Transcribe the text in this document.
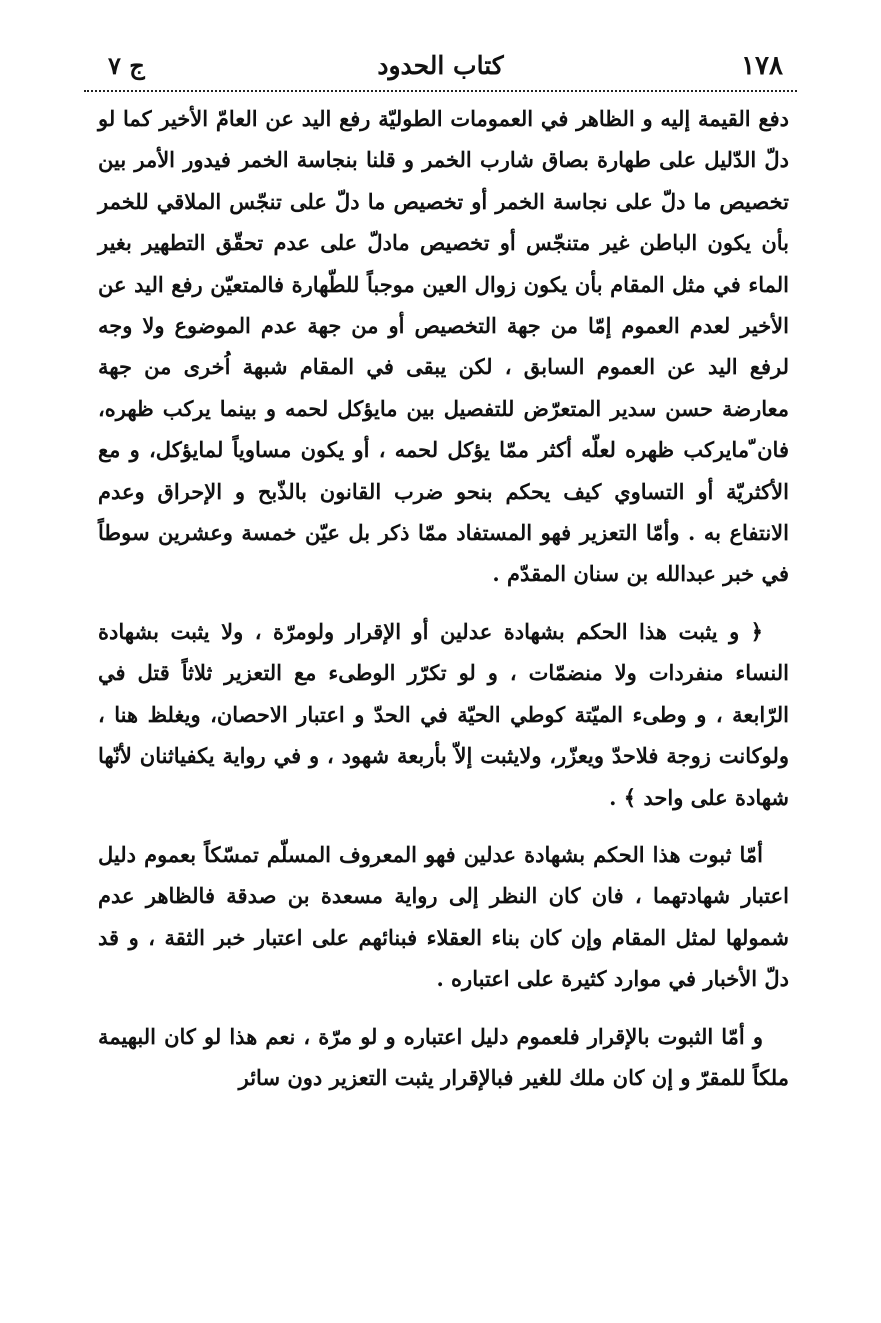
١٧٨
كتاب الحدود
ج ٧

دفع القيمة إليه و الظاهر في العمومات الطوليّة رفع اليد عن العامّ الأخير كما لو دلّ الدّليل على طهارة بصاق شارب الخمر و قلنا بنجاسة الخمر فيدور الأمر بين تخصيص ما دلّ على نجاسة الخمر أو تخصيص ما دلّ على تنجّس الملاقي للخمر بأن يكون الباطن غير متنجّس أو تخصيص مادلّ على عدم تحقّق التطهير بغير الماء في مثل المقام بأن يكون زوال العين موجباً للطّهارة فالمتعيّن رفع اليد عن الأخير لعدم العموم إمّا من جهة التخصيص أو من جهة عدم الموضوع ولا وجه لرفع اليد عن العموم السابق ، لكن يبقى في المقام شبهة اُخرى من جهة معارضة حسن سدير المتعرّض للتفصيل بين مايؤكل لحمه و بينما يركب ظهره، فان ّمايركب ظهره لعلّه أكثر ممّا يؤكل لحمه ، أو يكون مساوياً لمايؤكل، و مع الأكثريّة أو التساوي كيف يحكم بنحو ضرب القانون بالذّبح و الإحراق وعدم الانتفاع به . وأمّا التعزير فهو المستفاد ممّا ذكر بل عيّن خمسة وعشرين سوطاً في خبر عبدالله بن سنان المقدّم .

﴿ و يثبت هذا الحكم بشهادة عدلين أو الإقرار ولومرّة ، ولا يثبت بشهادة النساء منفردات ولا منضمّات ، و لو تكرّر الوطىء مع التعزير ثلاثاً قتل في الرّابعة ، و وطىء الميّتة كوطي الحيّة في الحدّ و اعتبار الاحصان، ويغلظ هنا ، ولوكانت زوجة فلاحدّ ويعزّر، ولايثبت إلاّ بأربعة شهود ، و في رواية يكفياثنان لأنّها شهادة على واحد ﴾ .

أمّا ثبوت هذا الحكم بشهادة عدلين فهو المعروف المسلّم تمسّكاً بعموم دليل اعتبار شهادتهما ، فان كان النظر إلى رواية مسعدة بن صدقة فالظاهر عدم شمولها لمثل المقام وإن كان بناء العقلاء فبنائهم على اعتبار خبر الثقة ، و قد دلّ الأخبار في موارد كثيرة على اعتباره .

و أمّا الثبوت بالإقرار فلعموم دليل اعتباره و لو مرّة ، نعم هذا لو كان البهيمة ملكاً للمقرّ و إن كان ملك للغير فبالإقرار يثبت التعزير دون سائر
